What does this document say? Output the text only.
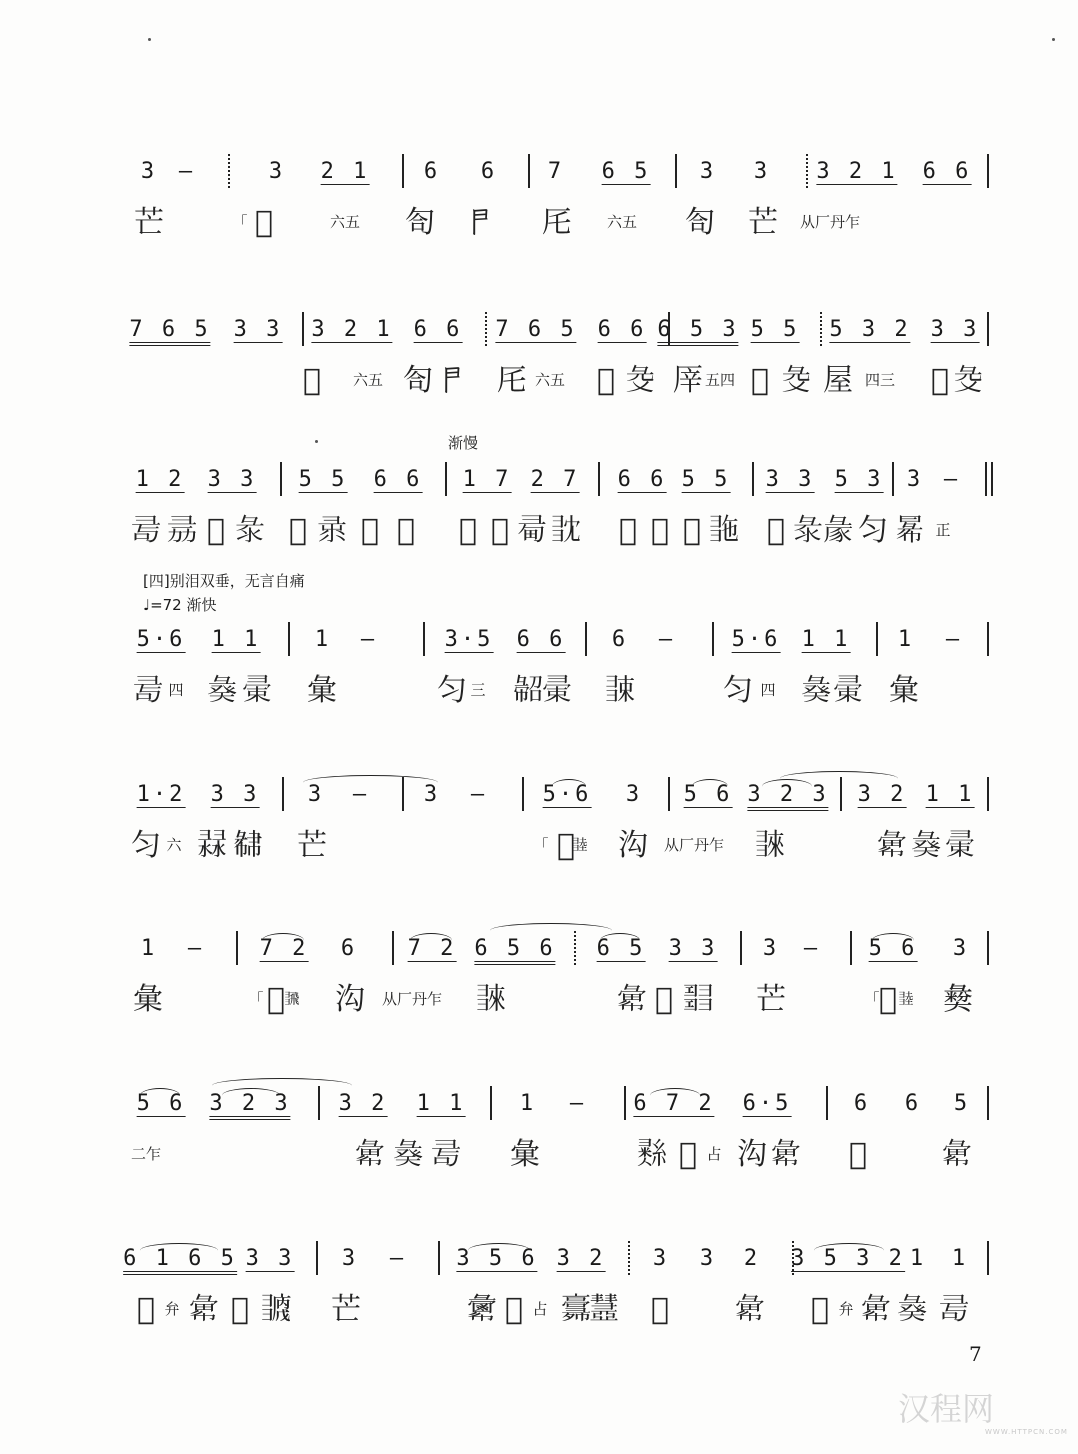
[四]别泪双垂，无言自痛
♩=72 渐快
渐慢
7
汉程网
WWW.HTTPCN.COM
3 —	3 2 1 6 6 7 6 5 3 3 3 2 1 6 6
芒	「 𪠾	六五 匌 𠁣 厇 六五 匌 芒 从厂丹乍
7 6 5 3 3 3 2 1 6 6 7 6 5 6 6 6 5 3 5 5 5 3 2 3 3
𪠾 六五 匌 𠁣 厇 六五 𢑒 𢑓 厗 五四 𢑒 𢑓 屋 四三 𢑒 𢑓
1 2 3 3 5 5 6 6 1 7 2 7 6 6 5 5 3 3 5 3 3 —
𢑔 𢑕 𢑖 𢑗 𢑖 𢑘 𢑙 𢑚 𢑖 𢑛 𢑜 𢑝 𢑞 𢑟 𢑖 𢑠 𢑖 𢑗 𢑡 匀 𢑢 正
5·6 1 1 1 —	3·5 6 6 6 —	5·6 1 1 1 —
𢑔 四 𢑣 𢑤 𢑥	匀 三 𢑦 𢑤 𢑧	匀 四 𢑣 𢑤 𢑥
1·2 3 3 3 — 3 —	5·6 3 5 6 3 2 3 3 2 1 1
匀 六 𢑨 𢑩 芒	「 𢑪
𢑫 沟 从厂丹乍 𢑬	𢑭 𢑣 𢑤
1 —	7 2 6 7 2 6 5 6 6 5 3 3 3 — 5 6 3
𢑥	「 𢑪 𢑮 沟 从厂丹乍 𢑬	𢑭 𢑯 𢑰 芒	「 𢑪 𢑫 𢑱
5 6 3 2 3 3 2 1 1 1 — 6 7 2 6·5	6 6 5
二乍	𢑭 𢑣 𢑔 𢑥	𢑲 𢑪 占 沟 𢑭 𢑳 𢑭
6 1 6 5 3 3 3 — 3 5 6 3 2 3 3 2 3 5 3 2 1 1
𢑴 弁 𢑭 𢑵 𢑶 芒	𢑷 𢑪 占 𢑸
𢑹 𢑺 𢑭 𢑴 弁 𢑭 𢑣 𢑔
